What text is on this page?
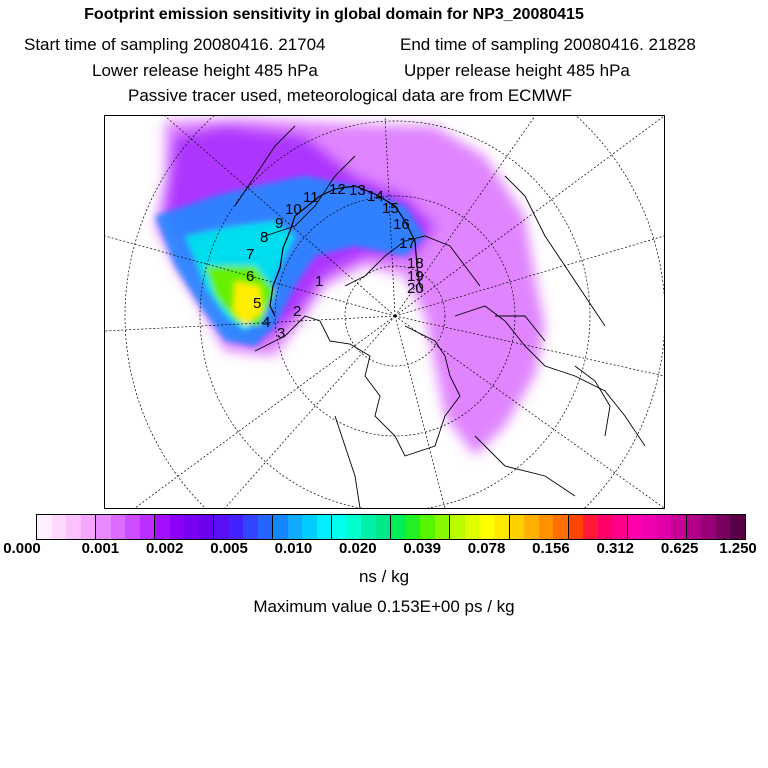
Footprint emission sensitivity in global domain for NP3_20080415
Start time of sampling 20080416. 21704	End time of sampling 20080416. 21828
Lower release height 485 hPa	Upper release height 485 hPa
Passive tracer used, meteorological data are from ECMWF
1
2
3
4
5
6
7
8
9
10
11 12 13 14
15
16
17
18
19
20
0.000	0.001 0.002 0.005 0.010 0.020 0.039 0.078 0.156 0.312 0.625 1.250
ns / kg
Maximum value 0.153E+00 ps / kg
